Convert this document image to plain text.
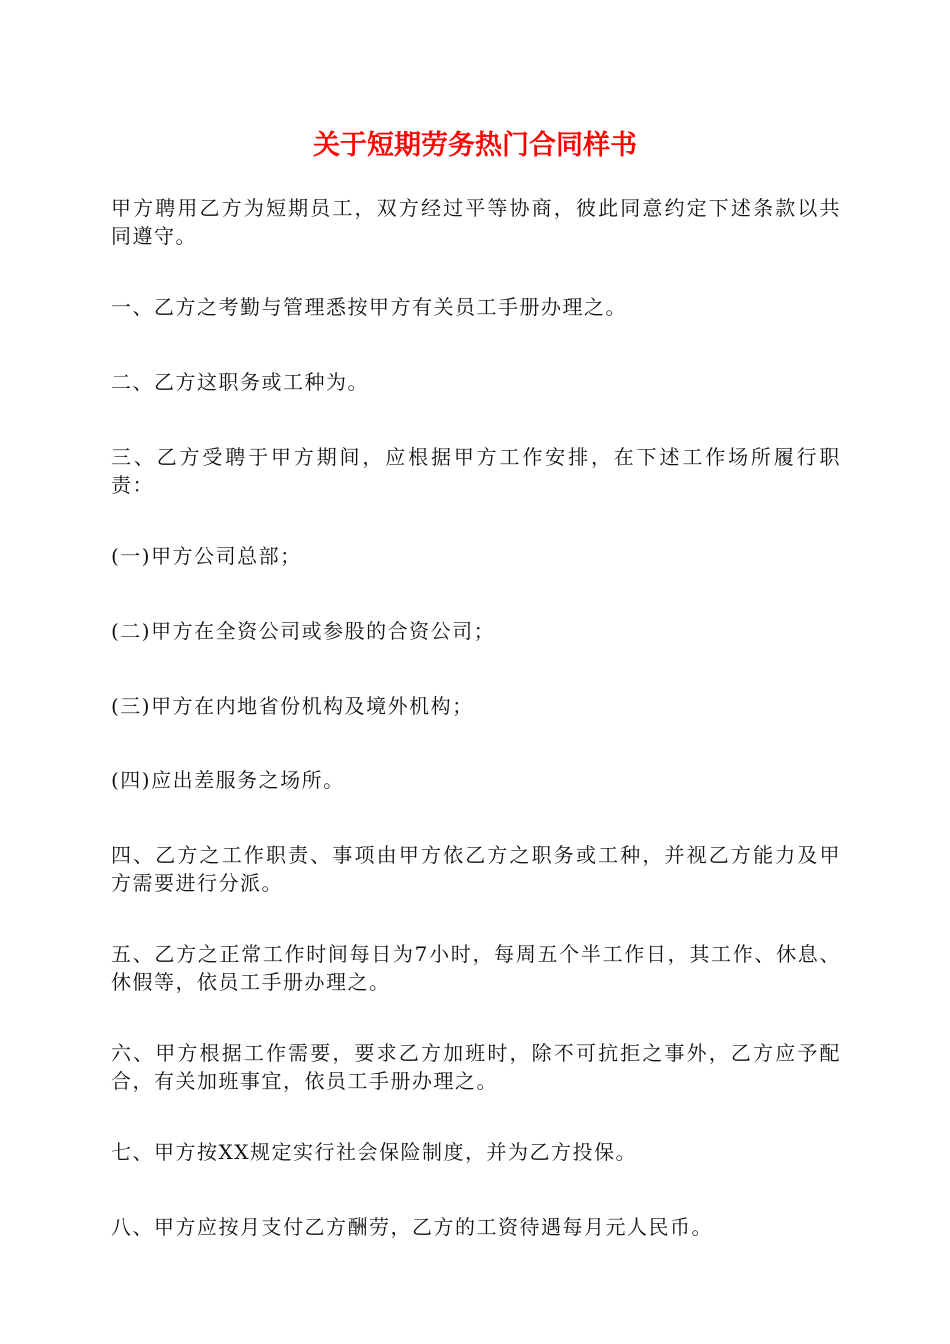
关于短期劳务热门合同样书

甲方聘用乙方为短期员工，双方经过平等协商，彼此同意约定下述条款以共同遵守。

一、乙方之考勤与管理悉按甲方有关员工手册办理之。

二、乙方这职务或工种为。

三、乙方受聘于甲方期间，应根据甲方工作安排，在下述工作场所履行职责：

(一)甲方公司总部；

(二)甲方在全资公司或参股的合资公司；

(三)甲方在内地省份机构及境外机构；

(四)应出差服务之场所。

四、乙方之工作职责、事项由甲方依乙方之职务或工种，并视乙方能力及甲方需要进行分派。

五、乙方之正常工作时间每日为7小时，每周五个半工作日，其工作、休息、休假等，依员工手册办理之。

六、甲方根据工作需要，要求乙方加班时，除不可抗拒之事外，乙方应予配合，有关加班事宜，依员工手册办理之。

七、甲方按XX规定实行社会保险制度，并为乙方投保。

八、甲方应按月支付乙方酬劳，乙方的工资待遇每月元人民币。
